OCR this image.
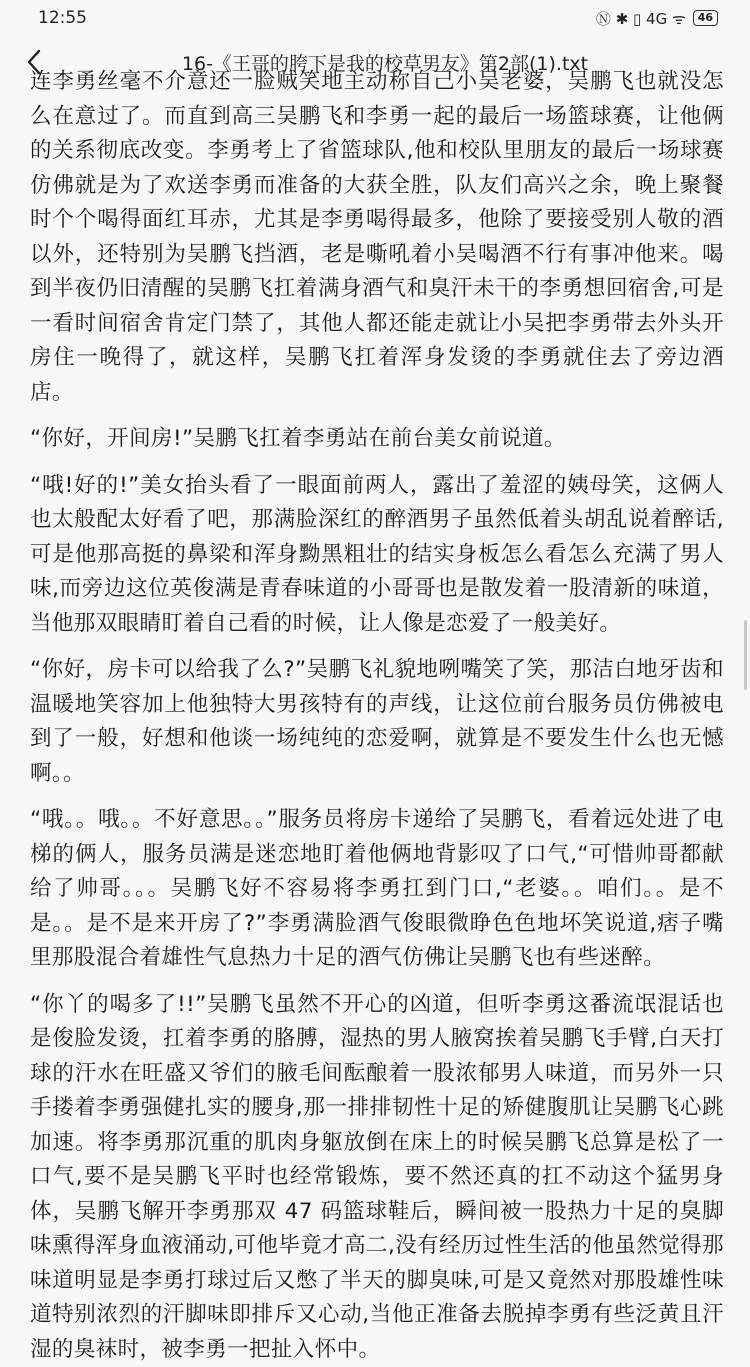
12:55	Ⓝ ✱ ▯ 4G ᯤ	46
16-《王哥的胯下是我的校草男友》第2部(1).txt

连李勇丝毫不介意还一脸贼笑地主动称自己小吴老婆，吴鹏飞也就没怎么在意过了。而直到高三吴鹏飞和李勇一起的最后一场篮球赛，让他俩的关系彻底改变。李勇考上了省篮球队,他和校队里朋友的最后一场球赛仿佛就是为了欢送李勇而准备的大获全胜，队友们高兴之余，晚上聚餐时个个喝得面红耳赤，尤其是李勇喝得最多，他除了要接受别人敬的酒以外，还特别为吴鹏飞挡酒，老是嘶吼着小吴喝酒不行有事冲他来。喝到半夜仍旧清醒的吴鹏飞扛着满身酒气和臭汗未干的李勇想回宿舍,可是一看时间宿舍肯定门禁了，其他人都还能走就让小吴把李勇带去外头开房住一晚得了，就这样，吴鹏飞扛着浑身发烫的李勇就住去了旁边酒店。

“你好，开间房!”吴鹏飞扛着李勇站在前台美女前说道。

“哦!好的!”美女抬头看了一眼面前两人，露出了羞涩的姨母笑，这俩人也太般配太好看了吧，那满脸深红的醉酒男子虽然低着头胡乱说着醉话,可是他那高挺的鼻梁和浑身黝黑粗壮的结实身板怎么看怎么充满了男人味,而旁边这位英俊满是青春味道的小哥哥也是散发着一股清新的味道，当他那双眼睛盯着自己看的时候，让人像是恋爱了一般美好。

“你好，房卡可以给我了么?”吴鹏飞礼貌地咧嘴笑了笑，那洁白地牙齿和温暖地笑容加上他独特大男孩特有的声线，让这位前台服务员仿佛被电到了一般，好想和他谈一场纯纯的恋爱啊，就算是不要发生什么也无憾啊。。

“哦。。哦。。不好意思。。”服务员将房卡递给了吴鹏飞，看着远处进了电梯的俩人，服务员满是迷恋地盯着他俩地背影叹了口气,“可惜帅哥都献给了帅哥。。。吴鹏飞好不容易将李勇扛到门口,“老婆。。咱们。。是不是。。是不是来开房了?”李勇满脸酒气俊眼微睁色色地坏笑说道,痞子嘴里那股混合着雄性气息热力十足的酒气仿佛让吴鹏飞也有些迷醉。

“你丫的喝多了!!”吴鹏飞虽然不开心的凶道，但听李勇这番流氓混话也是俊脸发烫，扛着李勇的胳膊，湿热的男人腋窝挨着吴鹏飞手臂,白天打球的汗水在旺盛又爷们的腋毛间酝酿着一股浓郁男人味道，而另外一只手搂着李勇强健扎实的腰身,那一排排韧性十足的矫健腹肌让吴鹏飞心跳加速。将李勇那沉重的肌肉身躯放倒在床上的时候吴鹏飞总算是松了一口气,要不是吴鹏飞平时也经常锻炼，要不然还真的扛不动这个猛男身体，吴鹏飞解开李勇那双 47 码篮球鞋后，瞬间被一股热力十足的臭脚味熏得浑身血液涌动,可他毕竟才高二,没有经历过性生活的他虽然觉得那味道明显是李勇打球过后又憋了半天的脚臭味,可是又竟然对那股雄性味道特别浓烈的汗脚味即排斥又心动,当他正准备去脱掉李勇有些泛黄且汗湿的臭袜时，被李勇一把扯入怀中。
